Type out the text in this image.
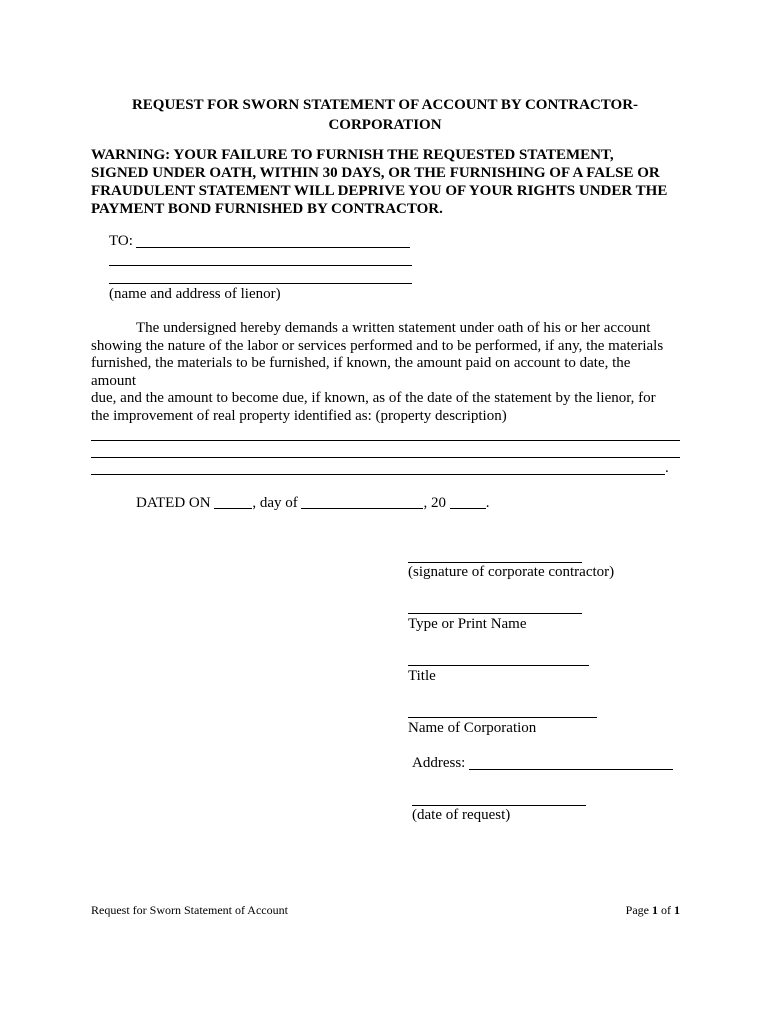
REQUEST FOR SWORN STATEMENT OF ACCOUNT BY CONTRACTOR-
CORPORATION
WARNING: YOUR FAILURE TO FURNISH THE REQUESTED STATEMENT,
SIGNED UNDER OATH, WITHIN 30 DAYS, OR THE FURNISHING OF A FALSE OR
FRAUDULENT STATEMENT WILL DEPRIVE YOU OF YOUR RIGHTS UNDER THE
PAYMENT BOND FURNISHED BY CONTRACTOR.
TO:
(name and address of lienor)

The undersigned hereby demands a written statement under oath of his or her account

showing the nature of the labor or services performed and to be performed, if any, the materials

furnished, the materials to be furnished, if known, the amount paid on account to date, the

amount

due, and the amount to become due, if known, as of the date of the statement by the lienor, for

the improvement of real property identified as: (property description)

.
DATED ON	, day of	, 20	.
(signature of corporate contractor)
Type or Print Name
Title
Name of Corporation
Address:
(date of request)
Request for Sworn Statement of Account	Page 1 of 1
